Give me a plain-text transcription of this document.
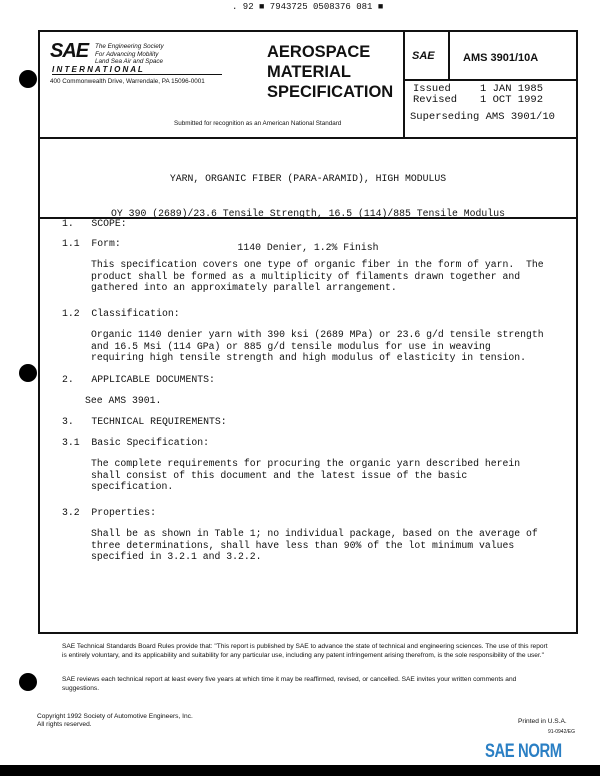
. 92 ■ 7943725 0508376 081 ■
SAE The Engineering Society
For Advancing Mobility
Land Sea Air and Space
I N T E R N A T I O N A L
400 Commonwealth Drive, Warrendale, PA 15096-0001
AEROSPACE
MATERIAL
SPECIFICATION
Submitted for recognition as an American National Standard
SAE	AMS 3901/10A
Issued	1 JAN 1985
Revised 1 OCT 1992
Superseding AMS 3901/10

YARN, ORGANIC FIBER (PARA-ARAMID), HIGH MODULUS

OY 390 (2689)/23.6 Tensile Strength, 16.5 (114)/885 Tensile Modulus

1140 Denier, 1.2% Finish

1.   SCOPE:
1.1  Form:
This specification covers one type of organic fiber in the form of yarn.  The
product shall be formed as a multiplicity of filaments drawn together and
gathered into an approximately parallel arrangement.
1.2  Classification:
Organic 1140 denier yarn with 390 ksi (2689 MPa) or 23.6 g/d tensile strength
and 16.5 Msi (114 GPa) or 885 g/d tensile modulus for use in weaving
requiring high tensile strength and high modulus of elasticity in tension.
2.   APPLICABLE DOCUMENTS:
See AMS 3901.
3.   TECHNICAL REQUIREMENTS:
3.1  Basic Specification:
The complete requirements for procuring the organic yarn described herein
shall consist of this document and the latest issue of the basic
specification.
3.2  Properties:
Shall be as shown in Table 1; no individual package, based on the average of
three determinations, shall have less than 90% of the lot minimum values
specified in 3.2.1 and 3.2.2.
SAE Technical Standards Board Rules provide that: "This report is published by SAE to advance the state of technical and engineering sciences. The use of this report is entirely voluntary, and its applicability and suitability for any particular use, including any patent infringement arising therefrom, is the sole responsibility of the user."
SAE reviews each technical report at least every five years at which time it may be reaffirmed, revised, or cancelled. SAE invites your written comments and suggestions.
Copyright 1992 Society of Automotive Engineers, Inc.
All rights reserved.	Printed in U.S.A.
91-0942/EG
SAE NORM
